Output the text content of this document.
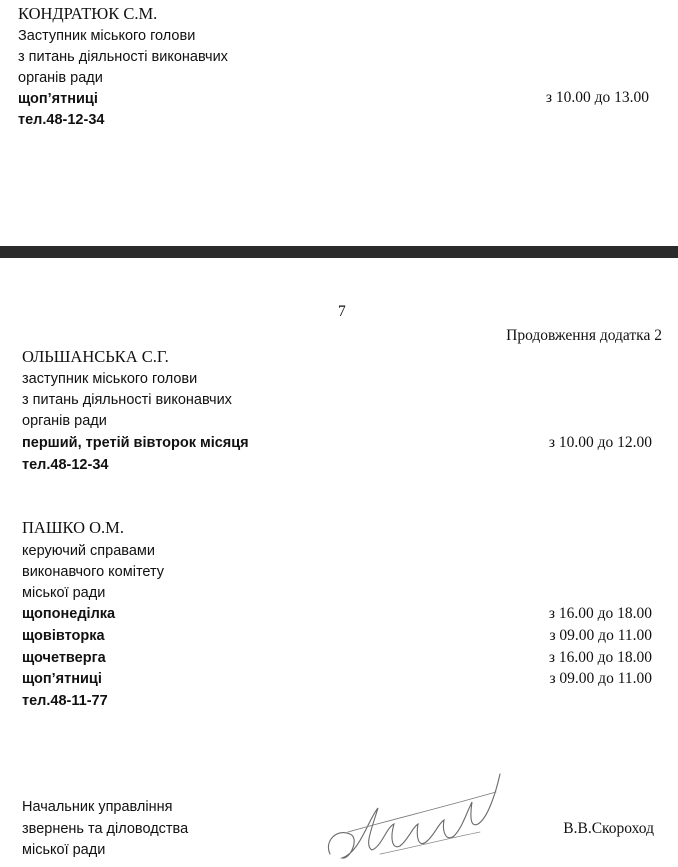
КОНДРАТЮК С.М.
Заступник міського голови
з питань діяльності виконавчих
органів ради
щоп’ятниці	з 10.00 до 13.00
тел.48-12-34
7
Продовження додатка 2
ОЛЬШАНСЬКА С.Г.
заступник міського голови
з питань діяльності виконавчих
органів ради
перший, третій вівторок місяця	з 10.00 до 12.00
тел.48-12-34
ПАШКО О.М.
керуючий справами
виконавчого комітету
міської ради
щопонеділка	з 16.00 до 18.00
щовівторка	з 09.00 до 11.00
щочетверга	з 16.00 до 18.00
щоп’ятниці	з 09.00 до 11.00
тел.48-11-77
Начальник управління
звернень та діловодства
міської ради
В.В.Скороход
